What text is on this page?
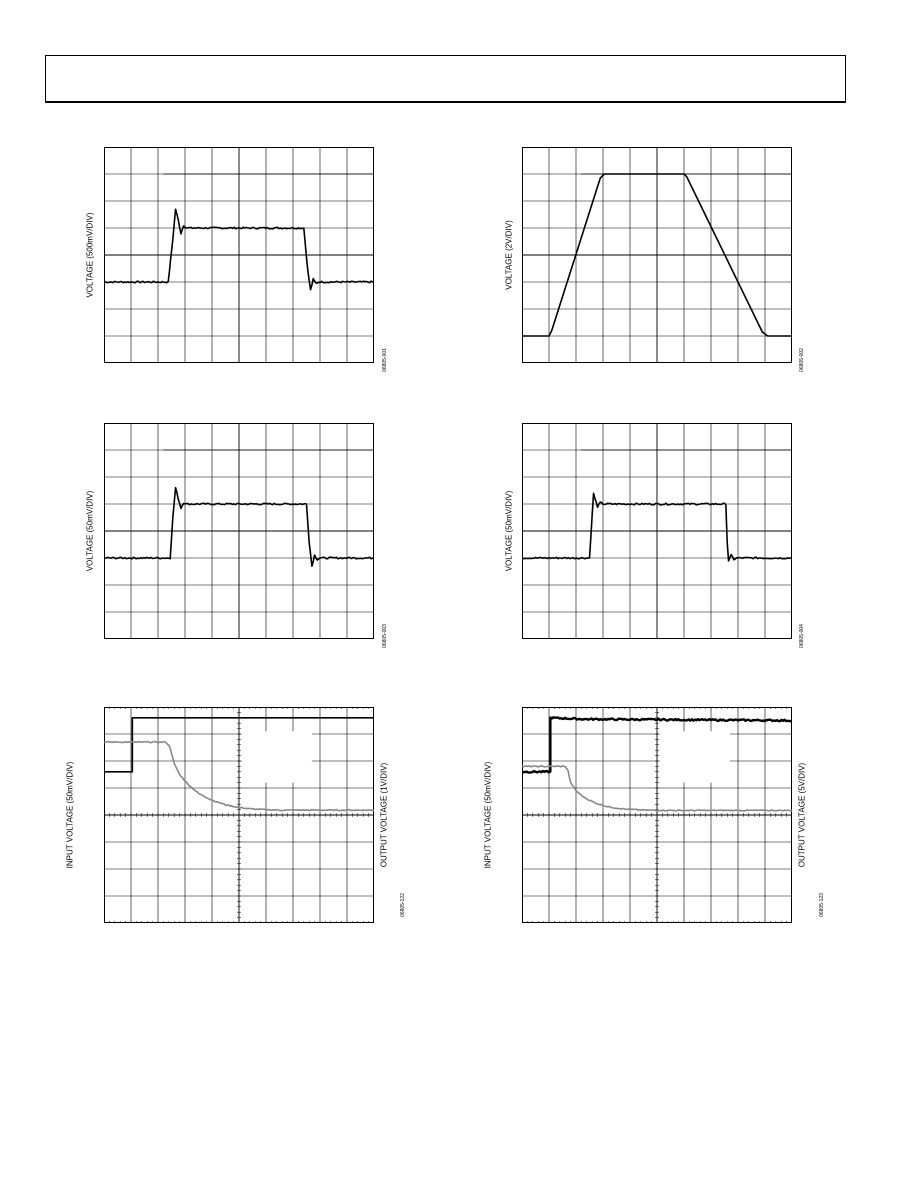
VOLTAGE (500mV/DIV)
06805-001
VOLTAGE (2V/DIV)
06805-002
VOLTAGE (50mV/DIV)
06805-003
VOLTAGE (50mV/DIV)
06805-004
INPUT VOLTAGE (50mV/DIV)	OUTPUT VOLTAGE (1V/DIV)
06805-122
INPUT VOLTAGE (50mV/DIV)	OUTPUT VOLTAGE (5V/DIV)
06805-123
